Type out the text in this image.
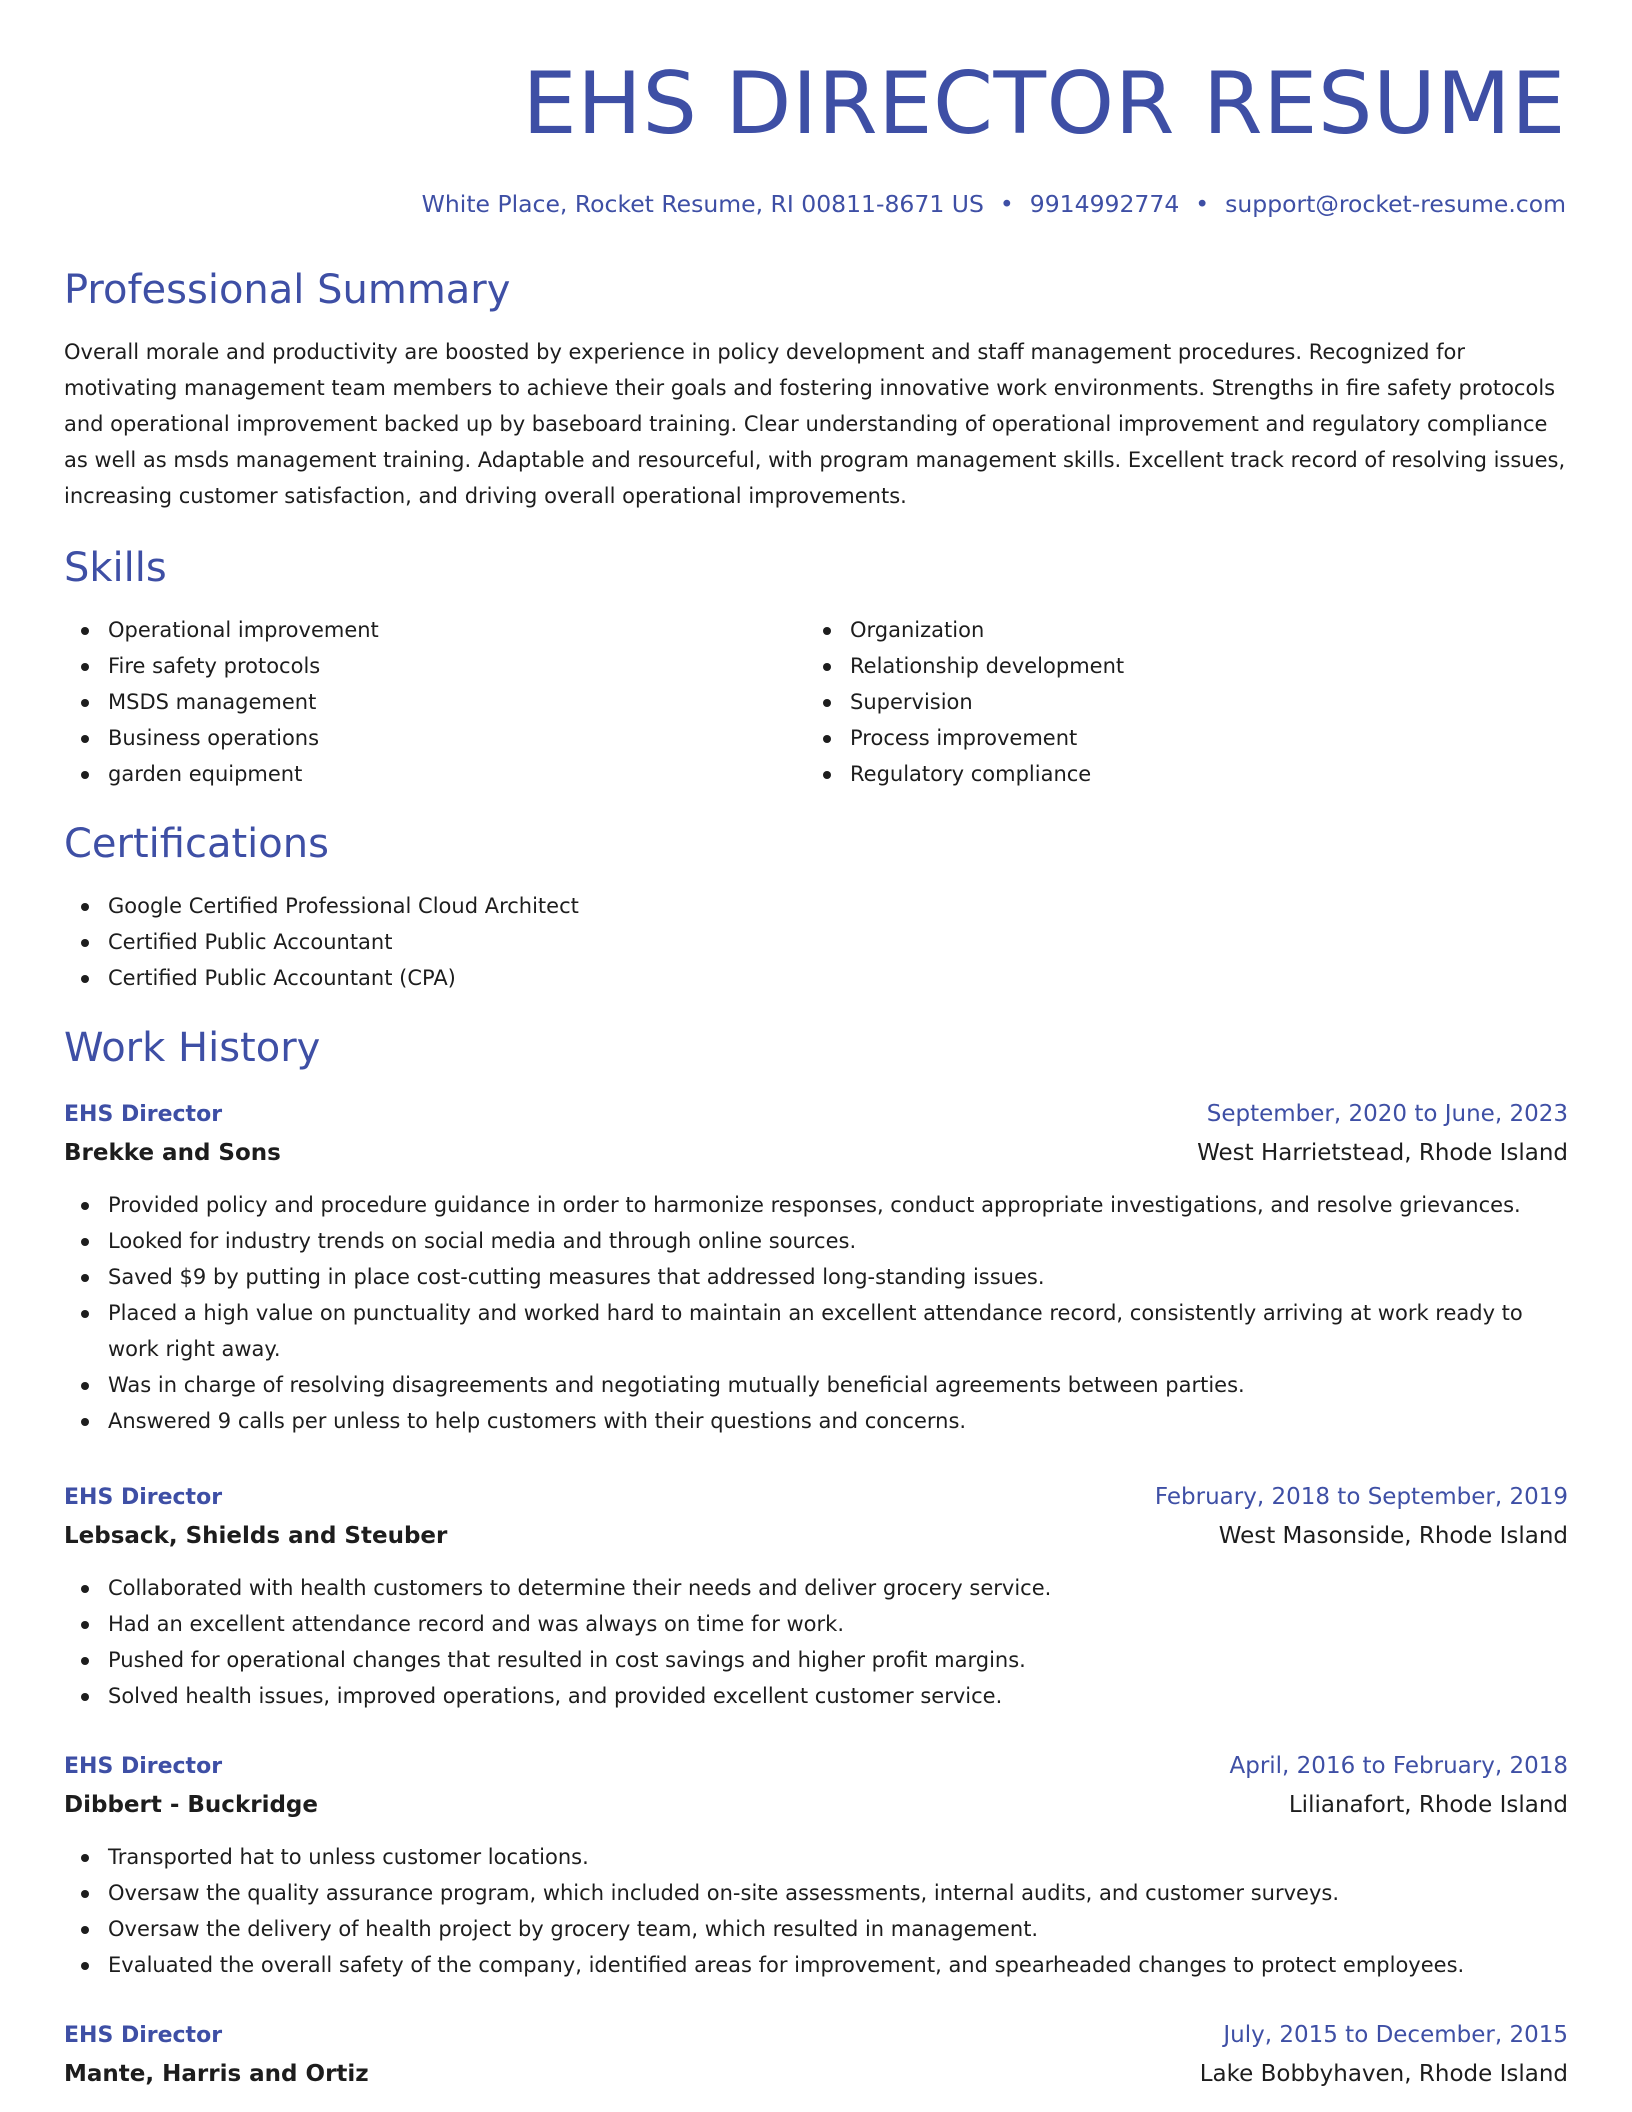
EHS DIRECTOR RESUME
White Place, Rocket Resume, RI 00811-8671 US • 9914992774 • support@rocket-resume.com
Professional Summary

Overall morale and productivity are boosted by experience in policy development and staff management procedures. Recognized for motivating management team members to achieve their goals and fostering innovative work environments. Strengths in fire safety protocols and operational improvement backed up by baseboard training. Clear understanding of operational improvement and regulatory compliance as well as msds management training. Adaptable and resourceful, with program management skills. Excellent track record of resolving issues, increasing customer satisfaction, and driving overall operational improvements.

Skills
Operational improvement
Fire safety protocols
MSDS management
Business operations
garden equipment
Organization
Relationship development
Supervision
Process improvement
Regulatory compliance
Certifications
Google Certified Professional Cloud Architect
Certified Public Accountant
Certified Public Accountant (CPA)
Work History
EHS Director	September, 2020 to June, 2023
Brekke and Sons	West Harrietstead, Rhode Island
Provided policy and procedure guidance in order to harmonize responses, conduct appropriate investigations, and resolve grievances.
Looked for industry trends on social media and through online sources.
Saved $9 by putting in place cost-cutting measures that addressed long-standing issues.
Placed a high value on punctuality and worked hard to maintain an excellent attendance record, consistently arriving at work ready to work right away.
Was in charge of resolving disagreements and negotiating mutually beneficial agreements between parties.
Answered 9 calls per unless to help customers with their questions and concerns.
EHS Director	February, 2018 to September, 2019
Lebsack, Shields and Steuber	West Masonside, Rhode Island
Collaborated with health customers to determine their needs and deliver grocery service.
Had an excellent attendance record and was always on time for work.
Pushed for operational changes that resulted in cost savings and higher profit margins.
Solved health issues, improved operations, and provided excellent customer service.
EHS Director	April, 2016 to February, 2018
Dibbert - Buckridge	Lilianafort, Rhode Island
Transported hat to unless customer locations.
Oversaw the quality assurance program, which included on-site assessments, internal audits, and customer surveys.
Oversaw the delivery of health project by grocery team, which resulted in management.
Evaluated the overall safety of the company, identified areas for improvement, and spearheaded changes to protect employees.
EHS Director	July, 2015 to December, 2015
Mante, Harris and Ortiz	Lake Bobbyhaven, Rhode Island
